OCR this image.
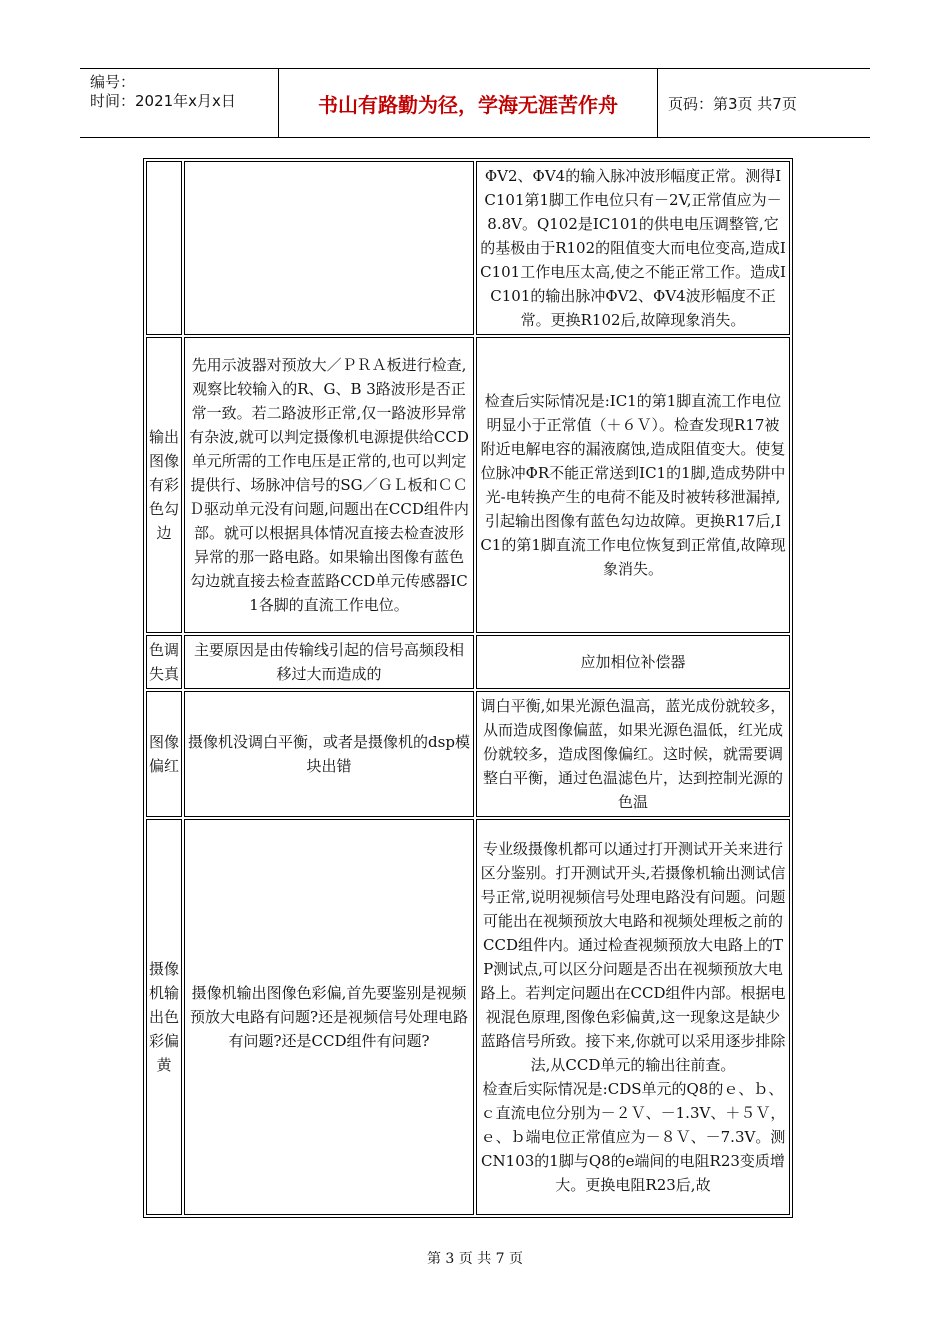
编号：
时间：2021年x月x日	书山有路勤为径，学海无涯苦作舟	页码：第3页 共7页
		ΦV2、ΦV4的输入脉冲波形幅度正常。测得IC101第1脚工作电位只有－2V,正常值应为－8.8V。Q102是IC101的供电电压调整管,它的基极由于R102的阻值变大而电位变高,造成IC101工作电压太高,使之不能正常工作。造成IC101的输出脉冲ΦV2、ΦV4波形幅度不正常。更换R102后,故障现象消失。
输出图像有彩色勾边	先用示波器对预放大／ＰＲＡ板进行检查,观察比较输入的R、G、B 3路波形是否正常一致。若二路波形正常,仅一路波形异常有杂波,就可以判定摄像机电源提供给CCD单元所需的工作电压是正常的,也可以判定提供行、场脉冲信号的SG／ＧＬ板和ＣＣＤ驱动单元没有问题,问题出在CCD组件内部。就可以根据具体情况直接去检查波形异常的那一路电路。如果输出图像有蓝色勾边就直接去检查蓝路CCD单元传感器IC1各脚的直流工作电位。	检查后实际情况是:IC1的第1脚直流工作电位明显小于正常值（＋６Ｖ）。检查发现R17被附近电解电容的漏液腐蚀,造成阻值变大。使复位脉冲ΦR不能正常送到IC1的1脚,造成势阱中光-电转换产生的电荷不能及时被转移泄漏掉,引起输出图像有蓝色勾边故障。更换R17后,IC1的第1脚直流工作电位恢复到正常值,故障现象消失。
色调失真	主要原因是由传输线引起的信号高频段相移过大而造成的	应加相位补偿器
图像偏红	摄像机没调白平衡，或者是摄像机的dsp模块出错	调白平衡,如果光源色温高，蓝光成份就较多，从而造成图像偏蓝，如果光源色温低，红光成份就较多，造成图像偏红。这时候，就需要调整白平衡，通过色温滤色片，达到控制光源的色温
摄像机输出色彩偏黄	摄像机输出图像色彩偏,首先要鉴别是视频预放大电路有问题?还是视频信号处理电路有问题?还是CCD组件有问题?	专业级摄像机都可以通过打开测试开关来进行区分鉴别。打开测试开头,若摄像机输出测试信号正常,说明视频信号处理电路没有问题。问题可能出在视频预放大电路和视频处理板之前的CCD组件内。通过检查视频预放大电路上的TP测试点,可以区分问题是否出在视频预放大电路上。若判定问题出在CCD组件内部。根据电视混色原理,图像色彩偏黄,这一现象这是缺少蓝路信号所致。接下来,你就可以采用逐步排除法,从CCD单元的输出往前查。

检查后实际情况是:CDS单元的Q8的ｅ、ｂ、ｃ直流电位分别为－２Ｖ、－1.3V、＋５Ｖ，ｅ、ｂ端电位正常值应为－８Ｖ、－7.3V。测CN103的1脚与Q8的e端间的电阻R23变质增大。更换电阻R23后,故

第 3 页 共 7 页
